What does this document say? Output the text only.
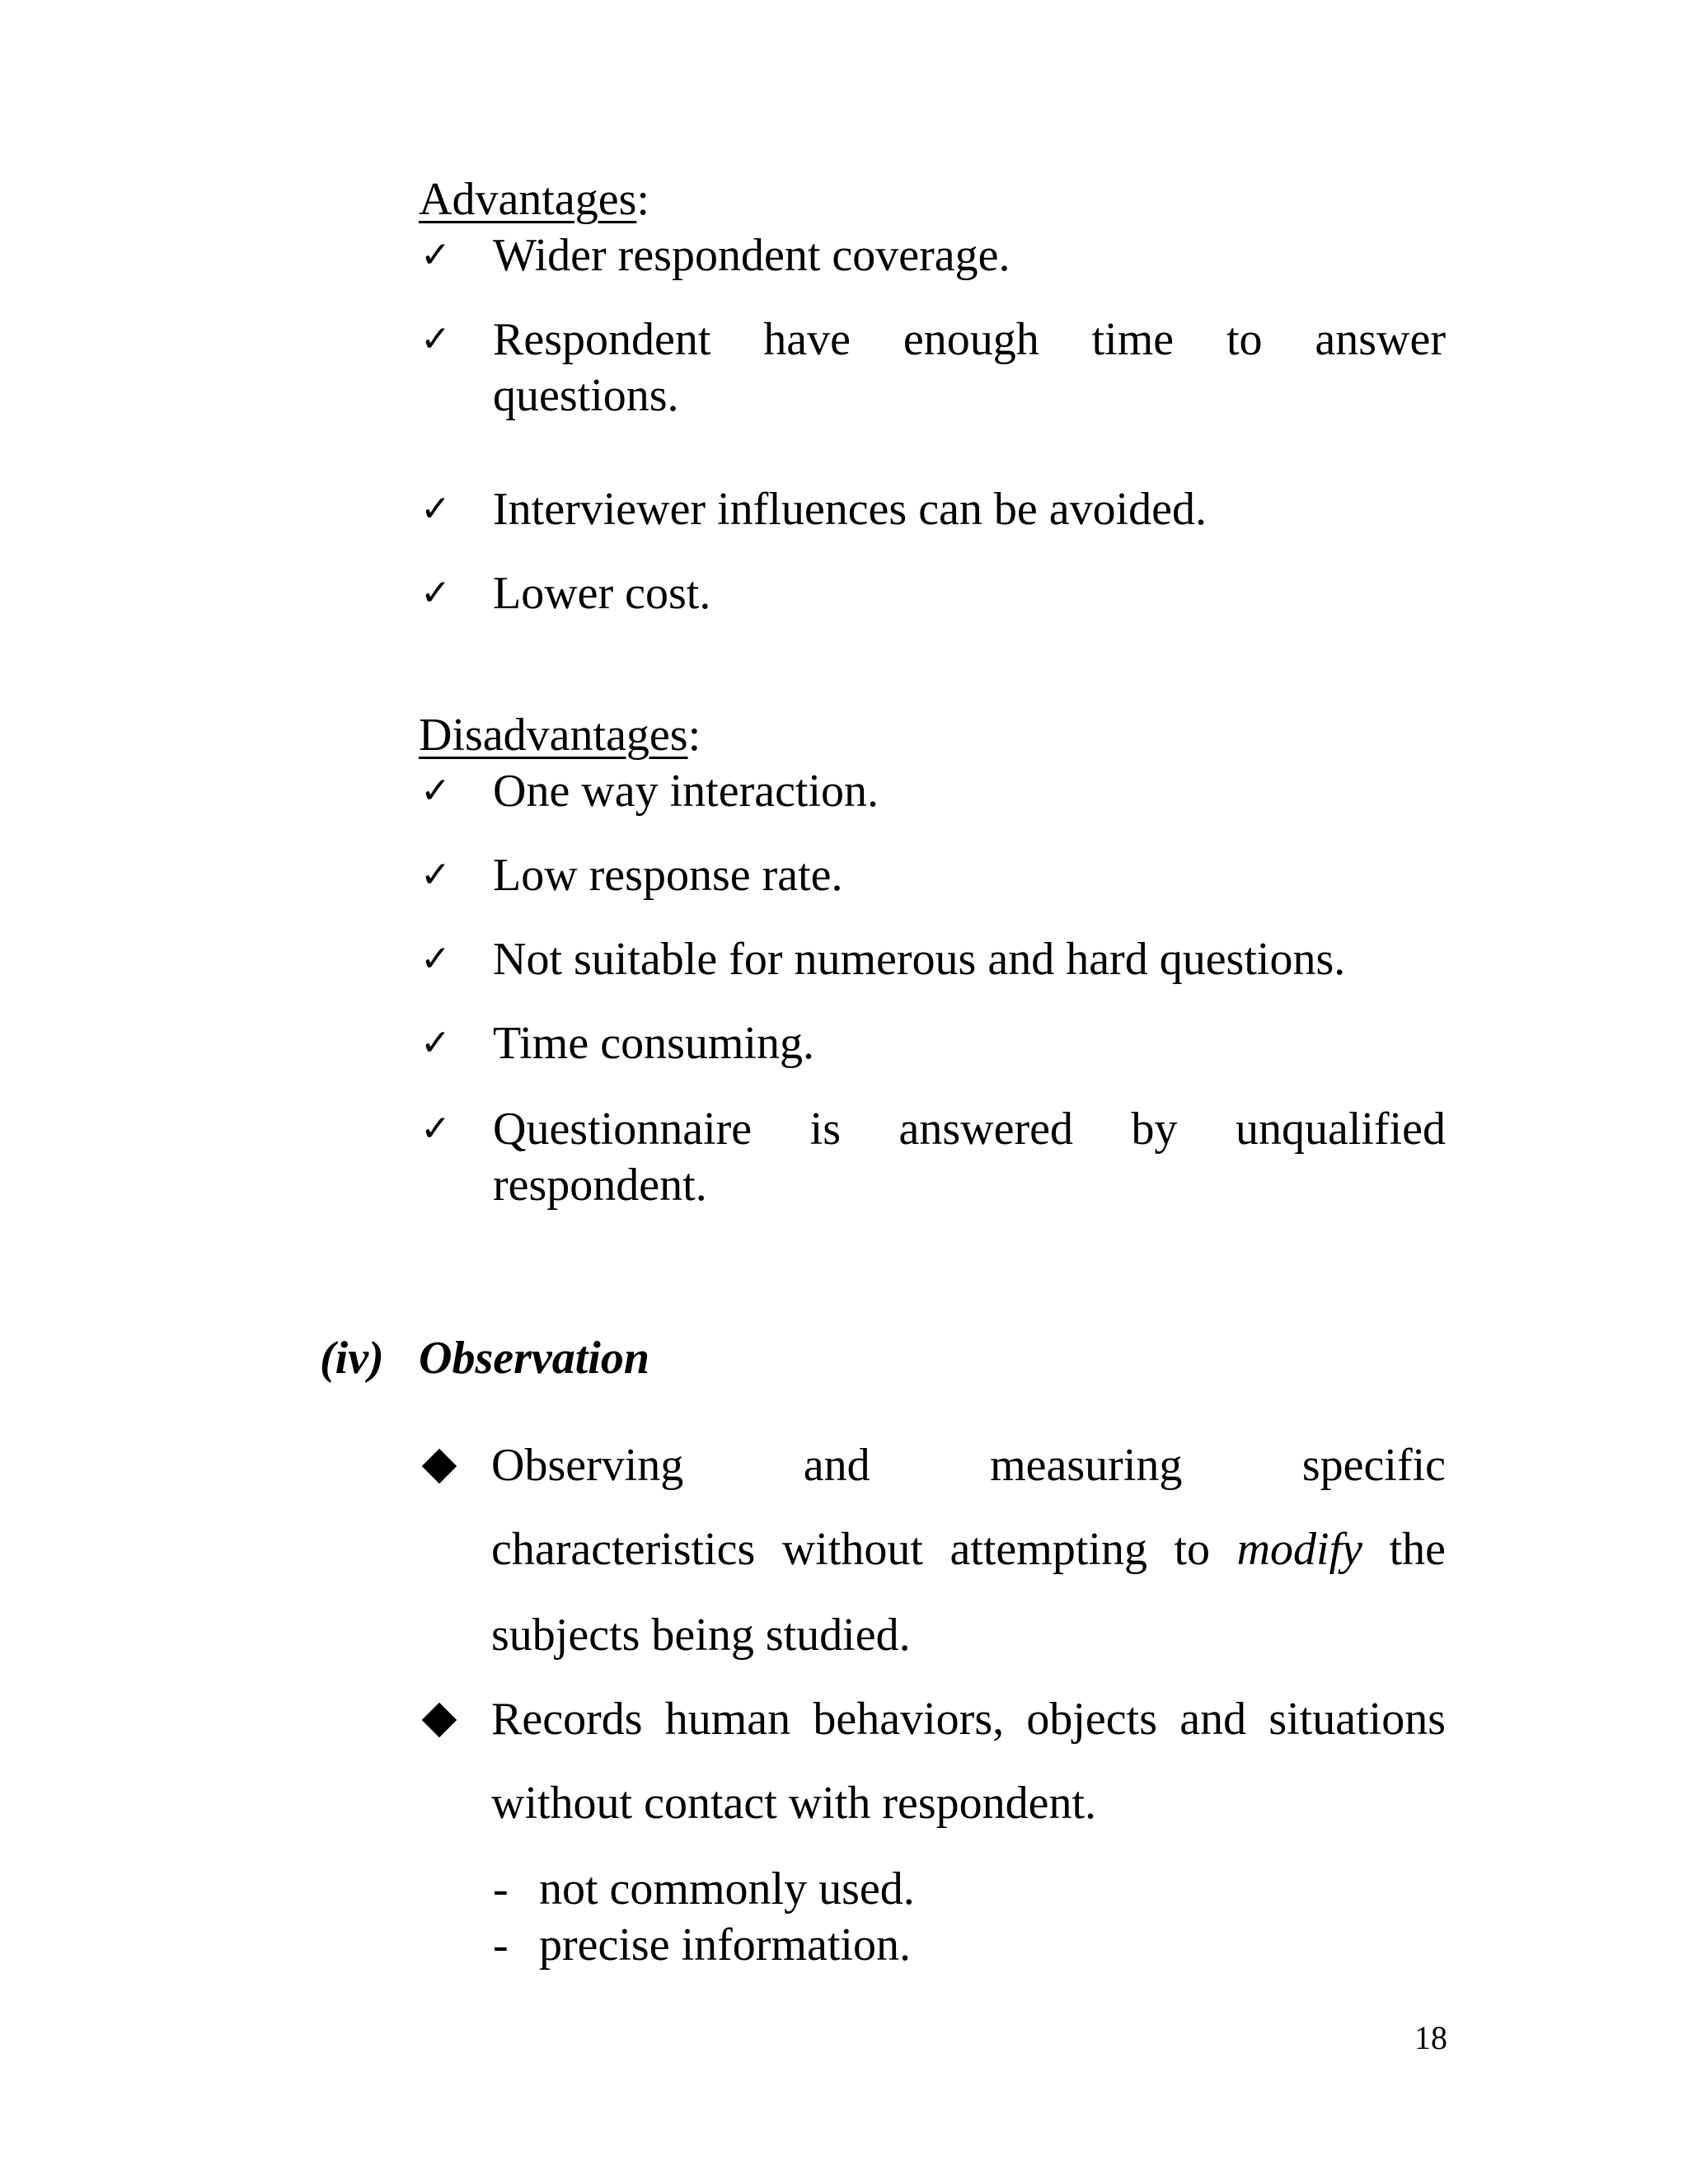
Advantages:

✓ Wider respondent coverage.

✓ Respondent have enough time to answer

questions.

✓ Interviewer influences can be avoided.

✓ Lower cost.

Disadvantages:

✓ One way interaction.

✓ Low response rate.

✓ Not suitable for numerous and hard questions.

✓ Time consuming.

✓ Questionnaire is answered by unqualified

respondent.

(iv) Observation

Observing and measuring specific

characteristics without attempting to modify the

subjects being studied.

Records human behaviors, objects and situations

without contact with respondent.

- not commonly used.

- precise information.

18
